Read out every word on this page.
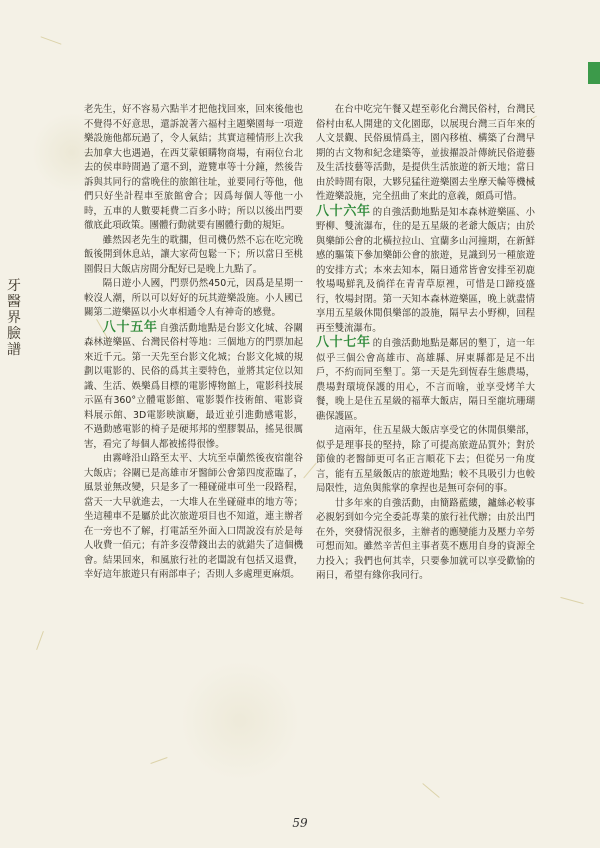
牙醫界臉譜

老先生，好不容易六點半才把他找回來，回來後他也不覺得不好意思，還訴說著六福村主題樂園每一項遊樂設施他都玩過了，令人氣結；其實這種情形上次我去加拿大也遇過，在西艾蒙頓購物商場，有兩位台北去的侯車時間過了還不到，遊覽車等十分鐘，然後告訴與其同行的當晚住的旅館往址，並要同行等他，他們只好坐計程車至旅館會合；因爲每個人等他一小時，五車的人數要耗費二百多小時；所以以後出門要徹底此項政策。團體行動就要有團體行動的規矩。

雖然因老先生的耽擱，但司機仍然不忘在吃完晚飯後開到休息站，讓大家荷包鬆一下；所以當日至桃園假日大飯店房間分配好已是晚上九點了。

隔日遊小人國，門票仍然450元，因爲是星期一較沒人潮，所以可以好好的玩其遊樂設施。小人國已關第二遊樂區以小火車相通令人有神奇的感覺。

八十五年 自強活動地點是台影文化城、谷關森林遊樂區、台灣民俗村等地：三個地方的門票加起來近千元。第一天先至台影文化城；台影文化城的規劃以電影的、民俗的爲其主要特色，並將其定位以知識、生活、娛樂爲目標的電影博物館上，電影科技展示區有360°立體電影館、電影製作技術館、電影資料展示館、3D電影映演廳，最近並引進動感電影，不過動感電影的椅子是硬邦邦的塑膠製品，搖晃很厲害，看完了每個人都被搖得很慘。

由霧峰沿山路至太平、大坑至卓蘭然後夜宿龍谷大飯店；谷關已是高雄市牙醫師公會第四度蒞臨了，風景並無改變，只是多了一種碰碰車可坐一段路程，當天一大早就進去，一大堆人在坐碰碰車的地方等；坐這種車不是屬於此次旅遊項目也不知道，連主辦者在一旁也不了解，打電話至外面入口問說沒有於是每人收費一佰元；有許多沒帶錢出去的就錯失了這個機會。結果回來，和風旅行社的老闆說有包括又退費，幸好這年旅遊只有兩部車子；否則人多處理更麻煩。

在台中吃完午餐又趕至彰化台灣民俗村，台灣民俗村由私人開建的文化園邸，以展現台灣三百年來的人文景觀、民俗風情爲主，園內移植、構築了台灣早期的古文物和紀念建築等，並拔擢設計傳統民俗遊藝及生活技藝等活動，是提供生活旅遊的新天地；當日由於時間有限，大夥兒猛往遊樂園去坐摩天輪等機械性遊樂設施，完全扭曲了來此的意義，頗爲可惜。

八十六年 的自強活動地點是知本森林遊樂區、小野柳、雙流瀑布，住的是五星級的老爺大飯店；由於與樂師公會的北橫拉拉山、宜蘭多山河撞期，在新鮮感的驅策下參加樂師公會的旅遊，見識到另一種旅遊的安排方式；本來去知本，隔日通常皆會安排至初鹿牧場喝鮮乳及徜徉在青青草原裡，可惜是口蹄疫盛行，牧場封閉。第一天知本森林遊樂區，晚上就盡情享用五星級休閒俱樂部的設施，隔早去小野柳，回程再至雙流瀑布。

八十七年 的自強活動地點是鄰居的墾丁，這一年似乎三個公會高雄市、高雄縣、屏東縣都是足不出戶，不約而同至墾丁。第一天是先到恆春生態農場，農場對環境保護的用心，不言而喻，並享受烤羊大餐，晚上是住五星級的福華大飯店，隔日至龍坑珊瑚礁保護區。

這兩年，住五星級大飯店享受它的休閒俱樂部，似乎是理事長的堅持，除了可提高旅遊品質外；對於節儉的老醫師更可名正言順花下去；但從另一角度言，能有五星級飯店的旅遊地點；較不具吸引力也較局限性，這魚與熊掌的拿捏也是無可奈何的事。

廿多年來的自強活動，由簡路藍縷，鑪絲必較事必親躬到如今完全委託專業的旅行社代辦；由於出門在外，突發情況很多，主辦者的應變能力及壓力辛勞可想而知。雖然辛苦但主事者莫不應用自身的資源全力投入；我們也何其幸，只要參加就可以享受歡愉的兩日，希望有緣你我同行。

59
